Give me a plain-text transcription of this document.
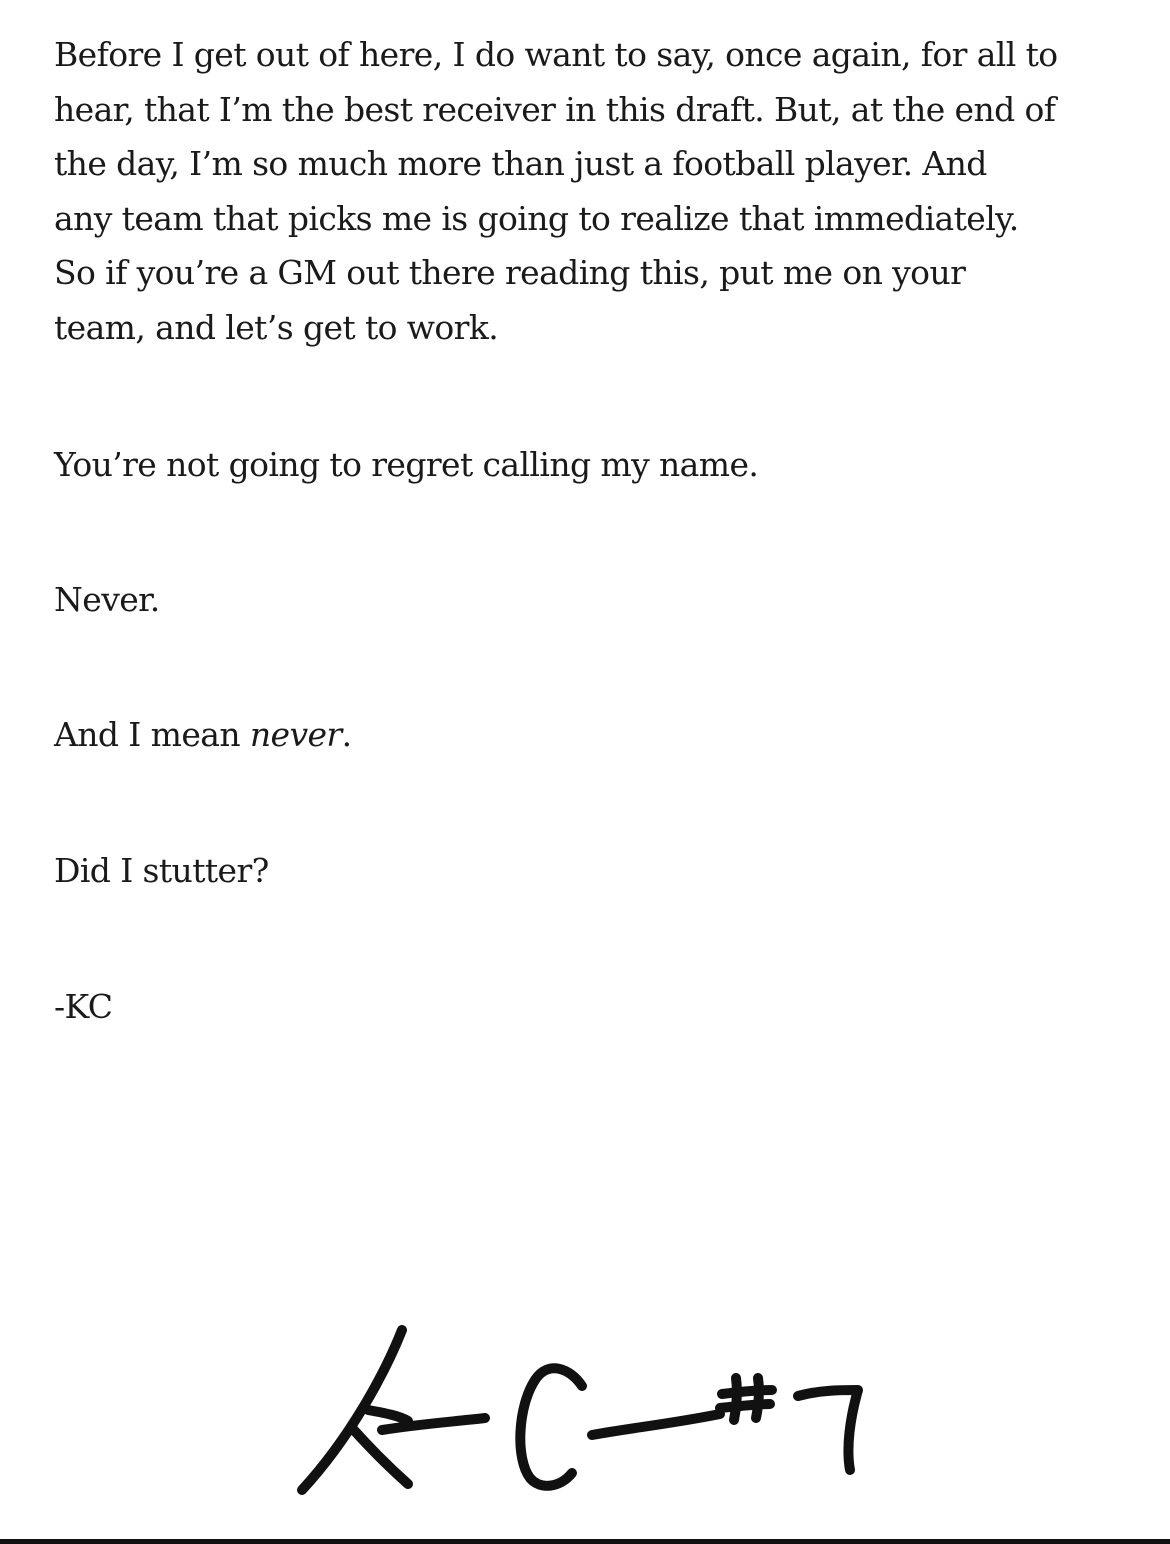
Before I get out of here, I do want to say, once again, for all to
hear, that I’m the best receiver in this draft. But, at the end of
the day, I’m so much more than just a football player. And
any team that picks me is going to realize that immediately.
So if you’re a GM out there reading this, put me on your
team, and let’s get to work.

You’re not going to regret calling my name.

Never.

And I mean never.

Did I stutter?

-KC
